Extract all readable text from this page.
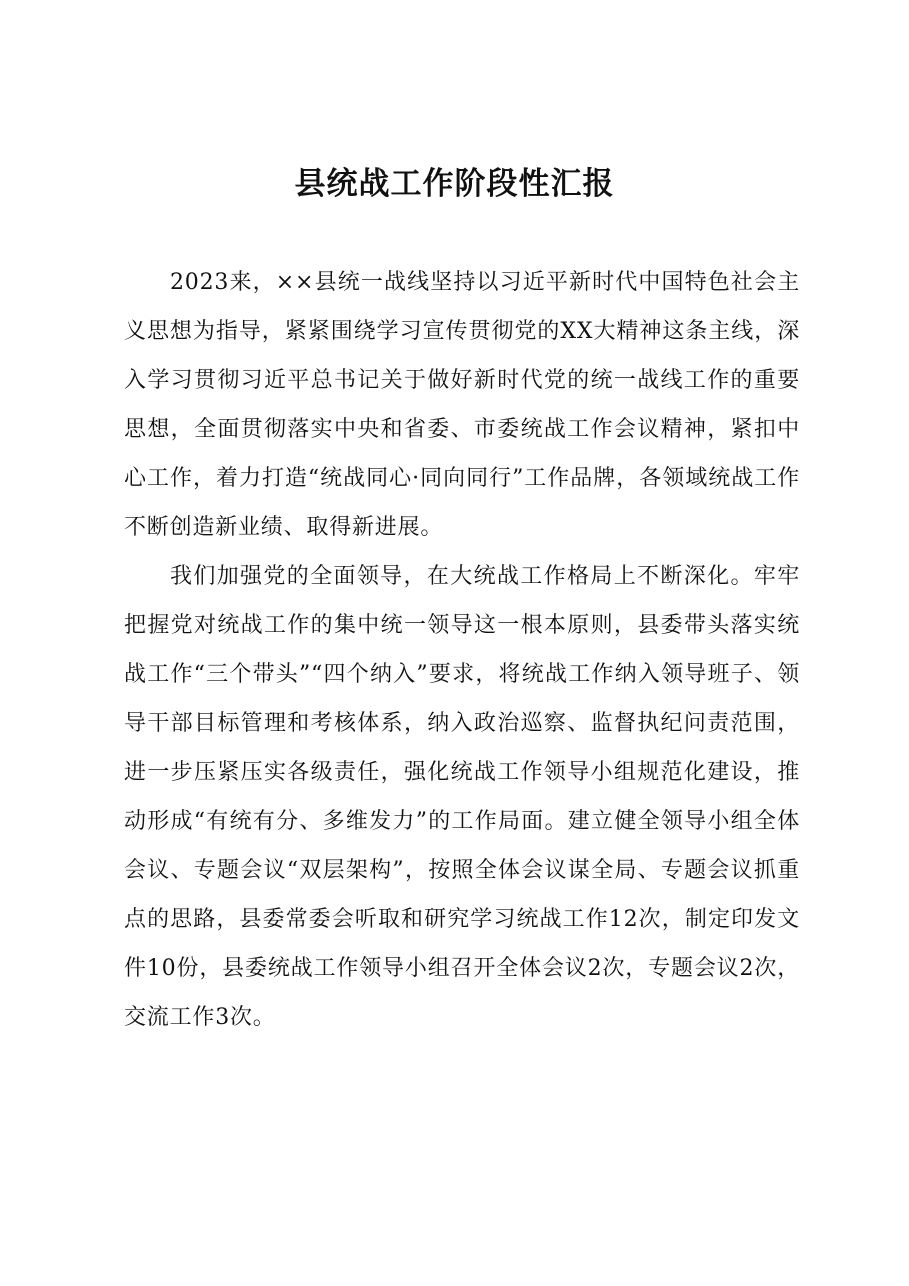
县统战工作阶段性汇报

2023来，××县统一战线坚持以习近平新时代中国特色社会主义思想为指导，紧紧围绕学习宣传贯彻党的XX大精神这条主线，深入学习贯彻习近平总书记关于做好新时代党的统一战线工作的重要思想，全面贯彻落实中央和省委、市委统战工作会议精神，紧扣中心工作，着力打造“统战同心·同向同行”工作品牌，各领域统战工作不断创造新业绩、取得新进展。

我们加强党的全面领导，在大统战工作格局上不断深化。牢牢把握党对统战工作的集中统一领导这一根本原则，县委带头落实统战工作“三个带头”“四个纳入”要求，将统战工作纳入领导班子、领导干部目标管理和考核体系，纳入政治巡察、监督执纪问责范围，进一步压紧压实各级责任，强化统战工作领导小组规范化建设，推动形成“有统有分、多维发力”的工作局面。建立健全领导小组全体会议、专题会议“双层架构”，按照全体会议谋全局、专题会议抓重点的思路，县委常委会听取和研究学习统战工作12次，制定印发文件10份，县委统战工作领导小组召开全体会议2次，专题会议2次，交流工作3次。
